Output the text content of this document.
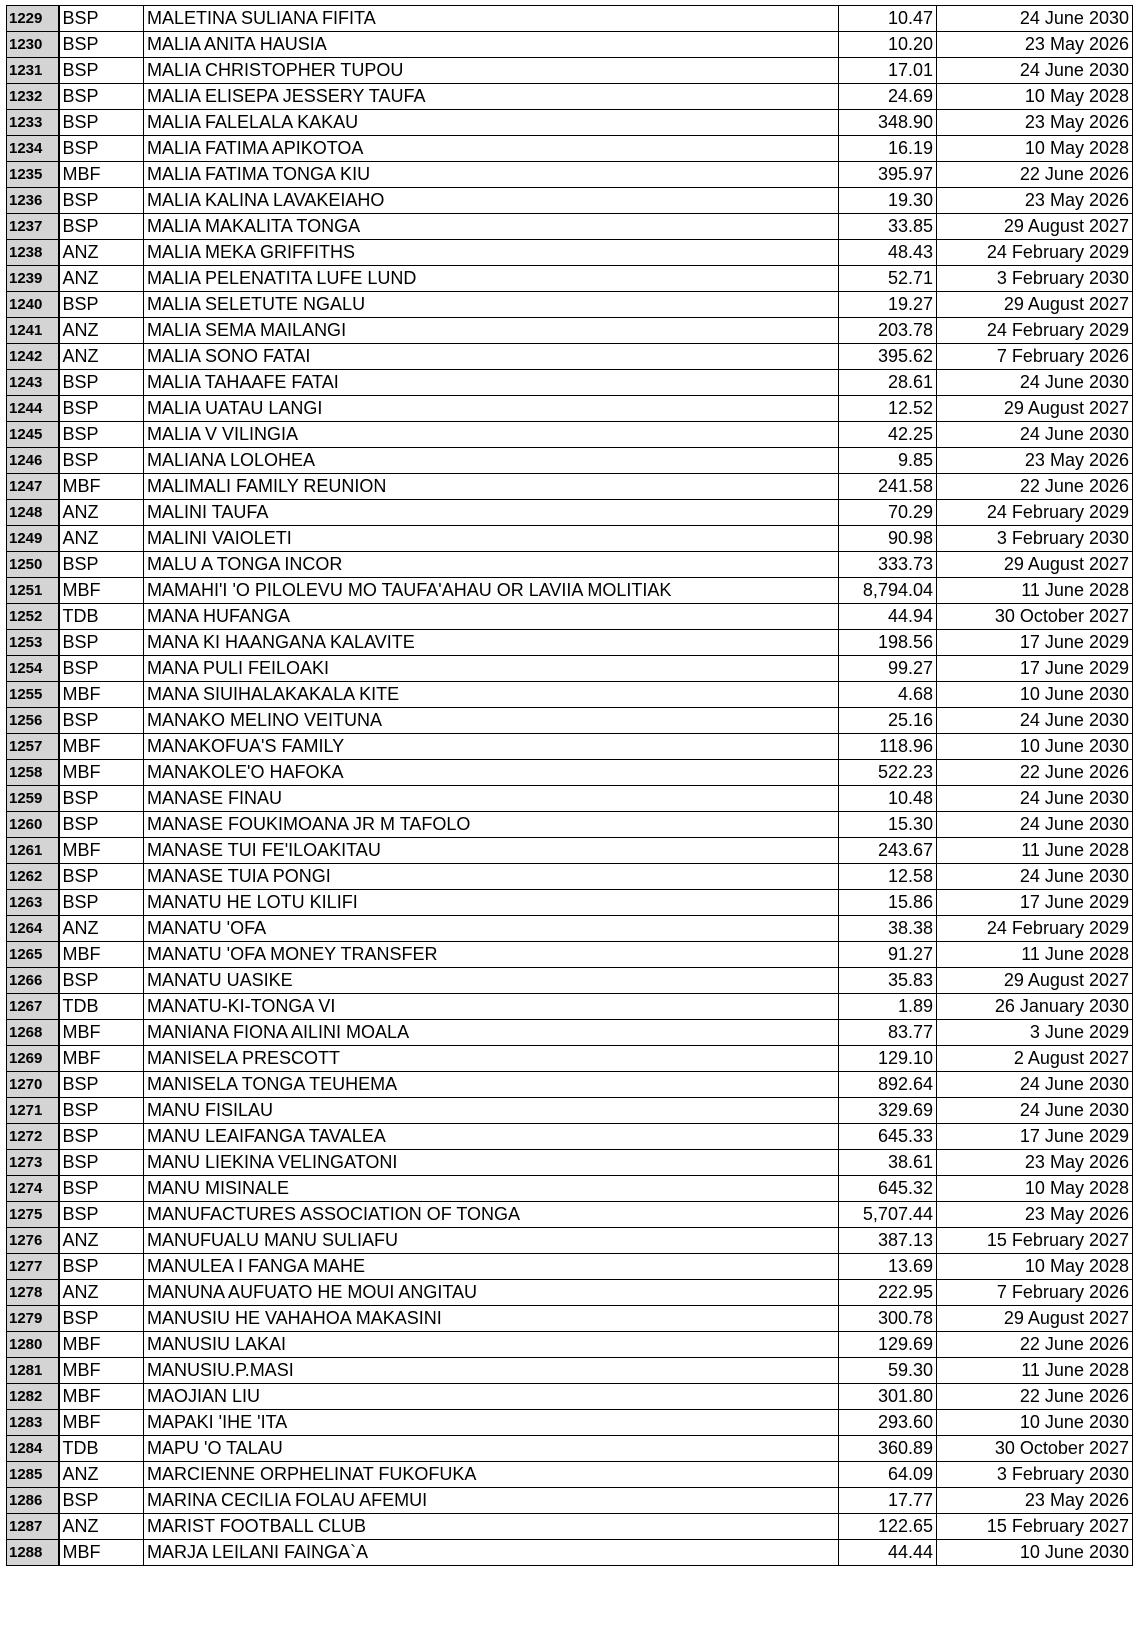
1229	BSP	MALETINA SULIANA FIFITA	10.47	24 June 2030
1230	BSP	MALIA ANITA HAUSIA	10.20	23 May 2026
1231	BSP	MALIA CHRISTOPHER TUPOU	17.01	24 June 2030
1232	BSP	MALIA ELISEPA JESSERY TAUFA	24.69	10 May 2028
1233	BSP	MALIA FALELALA KAKAU	348.90	23 May 2026
1234	BSP	MALIA FATIMA APIKOTOA	16.19	10 May 2028
1235	MBF	MALIA FATIMA TONGA KIU	395.97	22 June 2026
1236	BSP	MALIA KALINA LAVAKEIAHO	19.30	23 May 2026
1237	BSP	MALIA MAKALITA TONGA	33.85	29 August 2027
1238	ANZ	MALIA MEKA GRIFFITHS	48.43	24 February 2029
1239	ANZ	MALIA PELENATITA LUFE LUND	52.71	3 February 2030
1240	BSP	MALIA SELETUTE NGALU	19.27	29 August 2027
1241	ANZ	MALIA SEMA MAILANGI	203.78	24 February 2029
1242	ANZ	MALIA SONO FATAI	395.62	7 February 2026
1243	BSP	MALIA TAHAAFE FATAI	28.61	24 June 2030
1244	BSP	MALIA UATAU LANGI	12.52	29 August 2027
1245	BSP	MALIA V VILINGIA	42.25	24 June 2030
1246	BSP	MALIANA LOLOHEA	9.85	23 May 2026
1247	MBF	MALIMALI FAMILY REUNION	241.58	22 June 2026
1248	ANZ	MALINI TAUFA	70.29	24 February 2029
1249	ANZ	MALINI VAIOLETI	90.98	3 February 2030
1250	BSP	MALU A TONGA INCOR	333.73	29 August 2027
1251	MBF	MAMAHI'I 'O PILOLEVU MO TAUFA'AHAU OR LAVIIA MOLITIAK	8,794.04	11 June 2028
1252	TDB	MANA HUFANGA	44.94	30 October 2027
1253	BSP	MANA KI HAANGANA KALAVITE	198.56	17 June 2029
1254	BSP	MANA PULI FEILOAKI	99.27	17 June 2029
1255	MBF	MANA SIUIHALAKAKALA KITE	4.68	10 June 2030
1256	BSP	MANAKO MELINO VEITUNA	25.16	24 June 2030
1257	MBF	MANAKOFUA'S FAMILY	118.96	10 June 2030
1258	MBF	MANAKOLE'O HAFOKA	522.23	22 June 2026
1259	BSP	MANASE FINAU	10.48	24 June 2030
1260	BSP	MANASE FOUKIMOANA JR M TAFOLO	15.30	24 June 2030
1261	MBF	MANASE TUI FE'ILOAKITAU	243.67	11 June 2028
1262	BSP	MANASE TUIA PONGI	12.58	24 June 2030
1263	BSP	MANATU HE LOTU KILIFI	15.86	17 June 2029
1264	ANZ	MANATU 'OFA	38.38	24 February 2029
1265	MBF	MANATU 'OFA MONEY TRANSFER	91.27	11 June 2028
1266	BSP	MANATU UASIKE	35.83	29 August 2027
1267	TDB	MANATU-KI-TONGA VI	1.89	26 January 2030
1268	MBF	MANIANA FIONA AILINI MOALA	83.77	3 June 2029
1269	MBF	MANISELA PRESCOTT	129.10	2 August 2027
1270	BSP	MANISELA TONGA TEUHEMA	892.64	24 June 2030
1271	BSP	MANU FISILAU	329.69	24 June 2030
1272	BSP	MANU LEAIFANGA TAVALEA	645.33	17 June 2029
1273	BSP	MANU LIEKINA VELINGATONI	38.61	23 May 2026
1274	BSP	MANU MISINALE	645.32	10 May 2028
1275	BSP	MANUFACTURES ASSOCIATION OF TONGA	5,707.44	23 May 2026
1276	ANZ	MANUFUALU MANU SULIAFU	387.13	15 February 2027
1277	BSP	MANULEA I FANGA MAHE	13.69	10 May 2028
1278	ANZ	MANUNA AUFUATO HE MOUI ANGITAU	222.95	7 February 2026
1279	BSP	MANUSIU HE VAHAHOA MAKASINI	300.78	29 August 2027
1280	MBF	MANUSIU LAKAI	129.69	22 June 2026
1281	MBF	MANUSIU.P.MASI	59.30	11 June 2028
1282	MBF	MAOJIAN LIU	301.80	22 June 2026
1283	MBF	MAPAKI 'IHE 'ITA	293.60	10 June 2030
1284	TDB	MAPU 'O TALAU	360.89	30 October 2027
1285	ANZ	MARCIENNE ORPHELINAT FUKOFUKA	64.09	3 February 2030
1286	BSP	MARINA CECILIA FOLAU AFEMUI	17.77	23 May 2026
1287	ANZ	MARIST FOOTBALL CLUB	122.65	15 February 2027
1288	MBF	MARJA LEILANI FAINGA`A	44.44	10 June 2030
